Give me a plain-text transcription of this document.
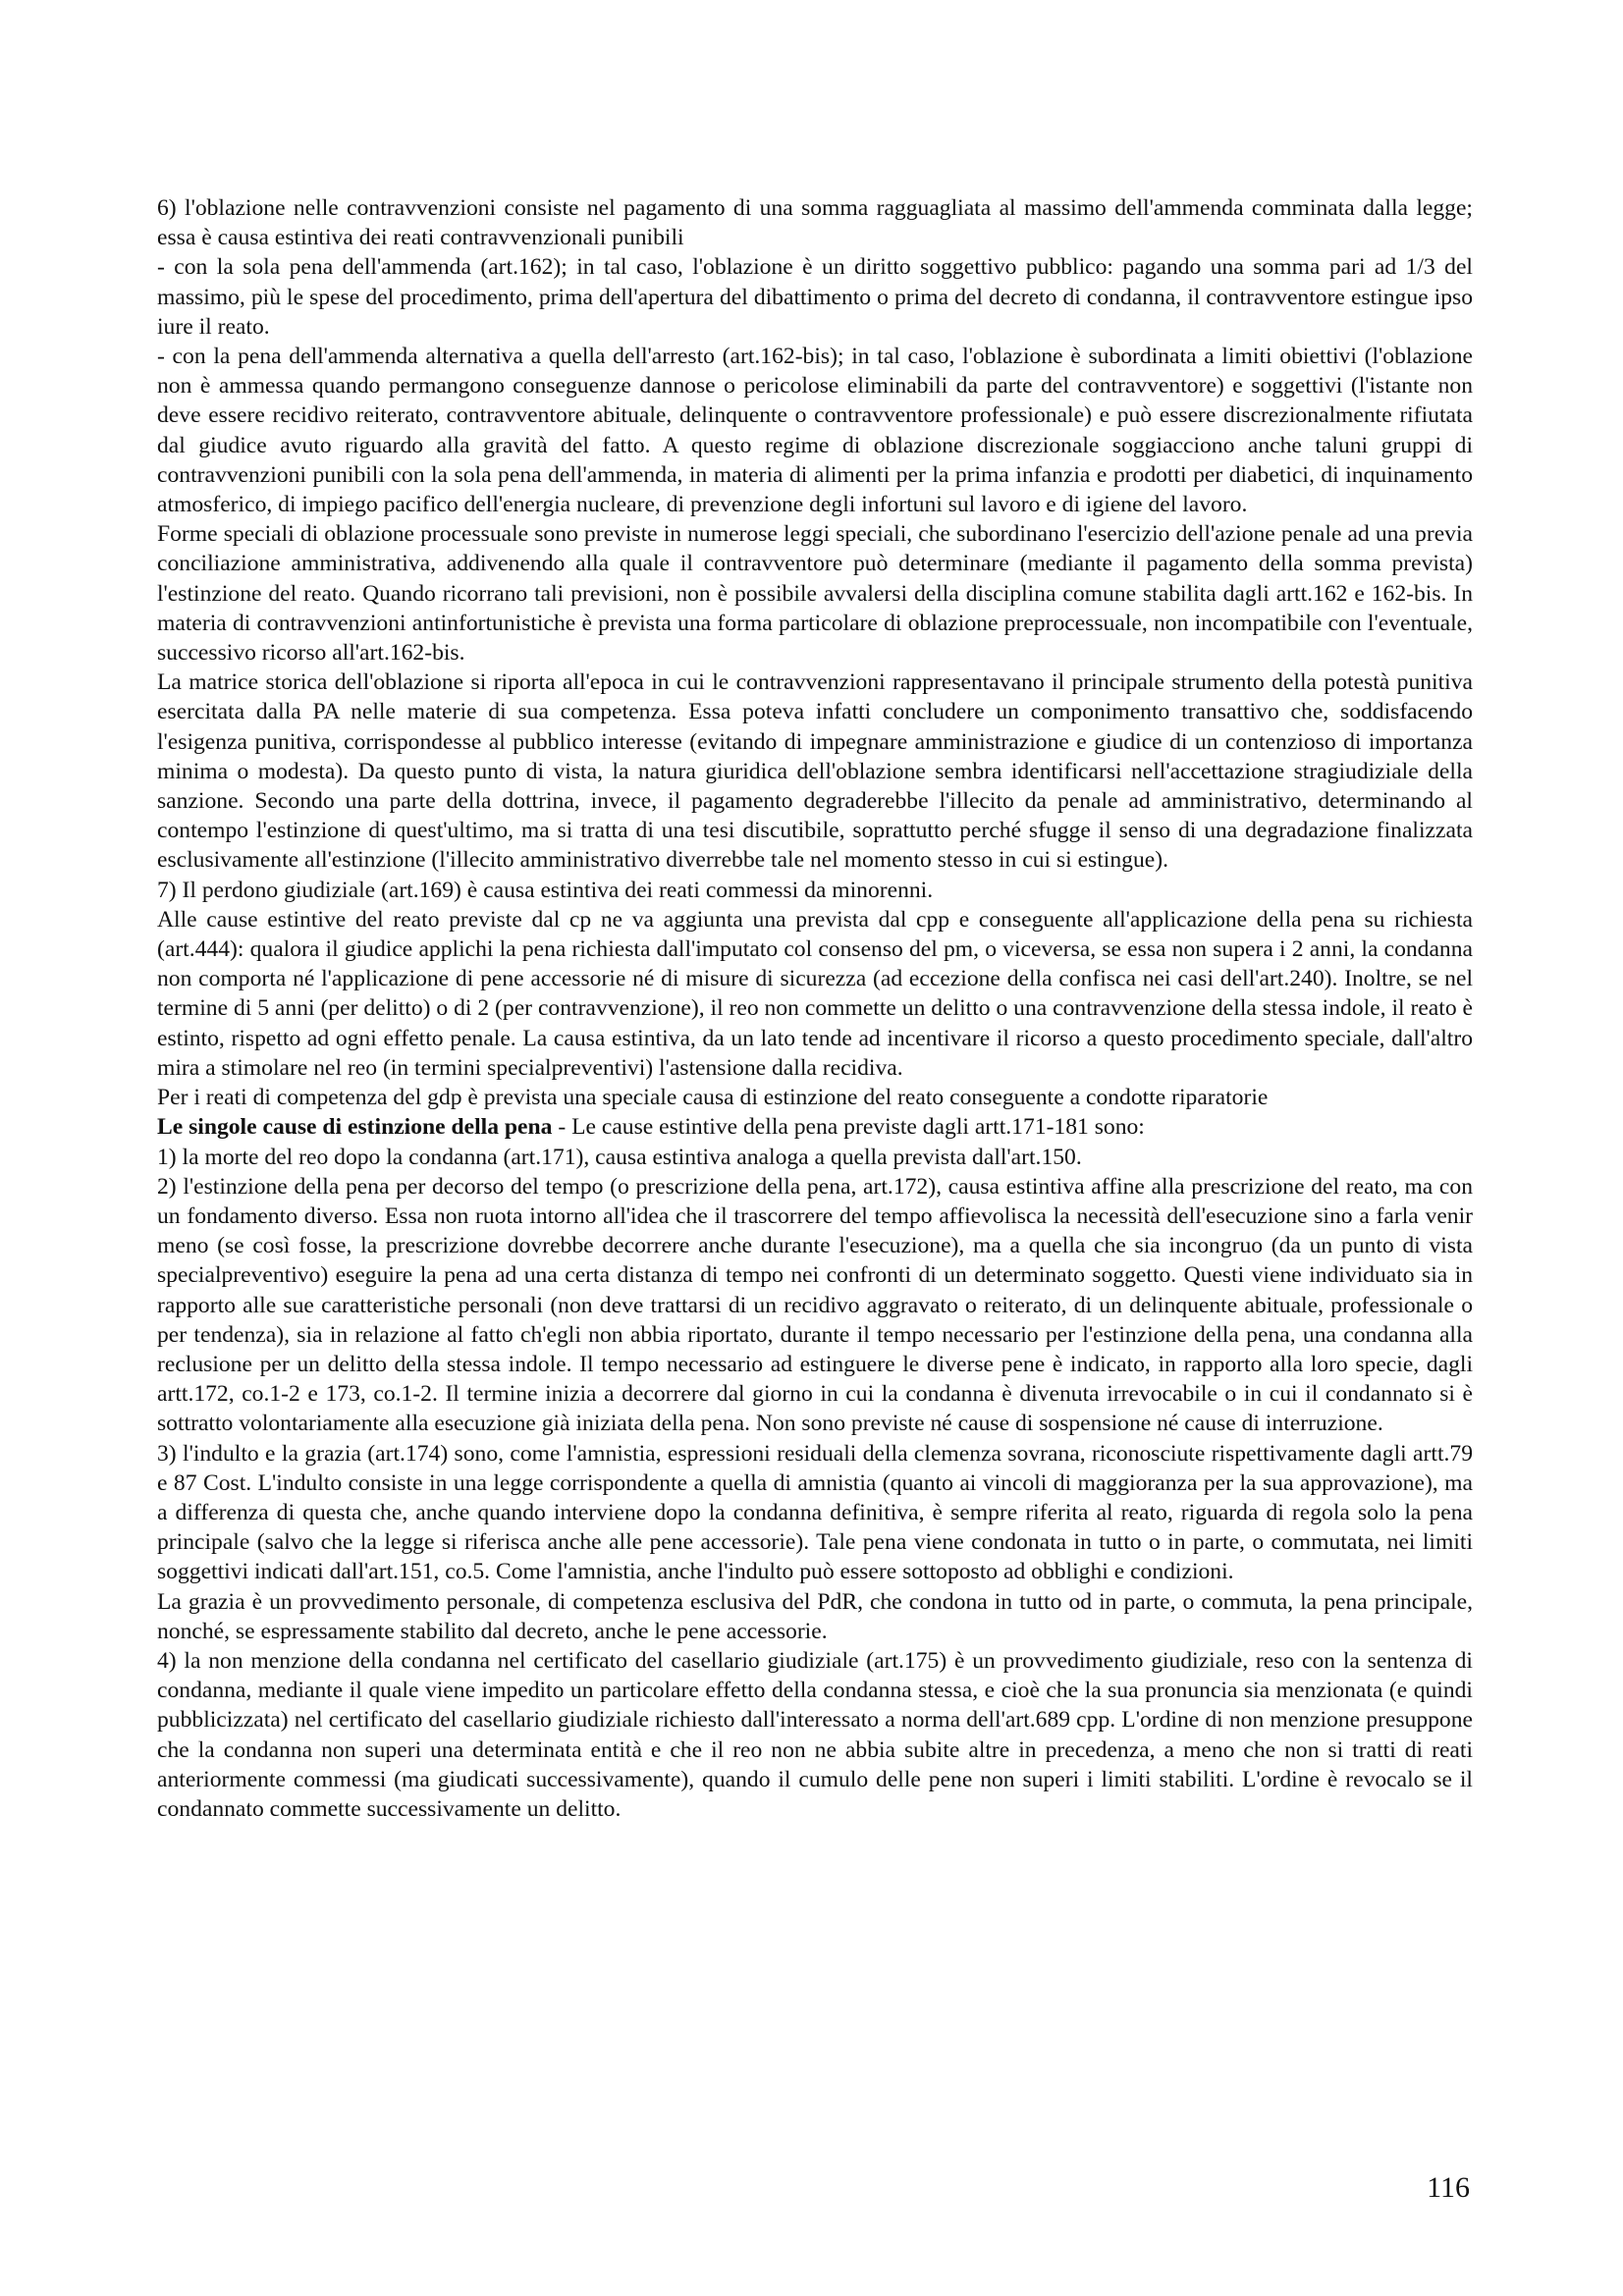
6) l'oblazione nelle contravvenzioni consiste nel pagamento di una somma ragguagliata al massimo dell'ammenda comminata dalla legge; essa è causa estintiva dei reati contravvenzionali punibili

- con la sola pena dell'ammenda (art.162); in tal caso, l'oblazione è un diritto soggettivo pubblico: pagando una somma pari ad 1/3 del massimo, più le spese del procedimento, prima dell'apertura del dibattimento o prima del decreto di condanna, il contravventore estingue ipso iure il reato.

- con la pena dell'ammenda alternativa a quella dell'arresto (art.162-bis); in tal caso, l'oblazione è subordinata a limiti obiettivi (l'oblazione non è ammessa quando permangono conseguenze dannose o pericolose eliminabili da parte del contravventore) e soggettivi (l'istante non deve essere recidivo reiterato, contravventore abituale, delinquente o contravventore professionale) e può essere discrezionalmente rifiutata dal giudice avuto riguardo alla gravità del fatto. A questo regime di oblazione discrezionale soggiacciono anche taluni gruppi di contravvenzioni punibili con la sola pena dell'ammenda, in materia di alimenti per la prima infanzia e prodotti per diabetici, di inquinamento atmosferico, di impiego pacifico dell'energia nucleare, di prevenzione degli infortuni sul lavoro e di igiene del lavoro.

Forme speciali di oblazione processuale sono previste in numerose leggi speciali, che subordinano l'esercizio dell'azione penale ad una previa conciliazione amministrativa, addivenendo alla quale il contravventore può determinare (mediante il pagamento della somma prevista) l'estinzione del reato. Quando ricorrano tali previsioni, non è possibile avvalersi della disciplina comune stabilita dagli artt.162 e 162-bis. In materia di contravvenzioni antinfortunistiche è prevista una forma particolare di oblazione preprocessuale, non incompatibile con l'eventuale, successivo ricorso all'art.162-bis.

La matrice storica dell'oblazione si riporta all'epoca in cui le contravvenzioni rappresentavano il principale strumento della potestà punitiva esercitata dalla PA nelle materie di sua competenza. Essa poteva infatti concludere un componimento transattivo che, soddisfacendo l'esigenza punitiva, corrispondesse al pubblico interesse (evitando di impegnare amministrazione e giudice di un contenzioso di importanza minima o modesta). Da questo punto di vista, la natura giuridica dell'oblazione sembra identificarsi nell'accettazione stragiudiziale della sanzione. Secondo una parte della dottrina, invece, il pagamento degraderebbe l'illecito da penale ad amministrativo, determinando al contempo l'estinzione di quest'ultimo, ma si tratta di una tesi discutibile, soprattutto perché sfugge il senso di una degradazione finalizzata esclusivamente all'estinzione (l'illecito amministrativo diverrebbe tale nel momento stesso in cui si estingue).

7) Il perdono giudiziale (art.169) è causa estintiva dei reati commessi da minorenni.

Alle cause estintive del reato previste dal cp ne va aggiunta una prevista dal cpp e conseguente all'applicazione della pena su richiesta (art.444): qualora il giudice applichi la pena richiesta dall'imputato col consenso del pm, o viceversa, se essa non supera i 2 anni, la condanna non comporta né l'applicazione di pene accessorie né di misure di sicurezza (ad eccezione della confisca nei casi dell'art.240). Inoltre, se nel termine di 5 anni (per delitto) o di 2 (per contravvenzione), il reo non commette un delitto o una contravvenzione della stessa indole, il reato è estinto, rispetto ad ogni effetto penale. La causa estintiva, da un lato tende ad incentivare il ricorso a questo procedimento speciale, dall'altro mira a stimolare nel reo (in termini specialpreventivi) l'astensione dalla recidiva.

Per i reati di competenza del gdp è prevista una speciale causa di estinzione del reato conseguente a condotte riparatorie

Le singole cause di estinzione della pena - Le cause estintive della pena previste dagli artt.171-181 sono:

1) la morte del reo dopo la condanna (art.171), causa estintiva analoga a quella prevista dall'art.150.

2) l'estinzione della pena per decorso del tempo (o prescrizione della pena, art.172), causa estintiva affine alla prescrizione del reato, ma con un fondamento diverso. Essa non ruota intorno all'idea che il trascorrere del tempo affievolisca la necessità dell'esecuzione sino a farla venir meno (se così fosse, la prescrizione dovrebbe decorrere anche durante l'esecuzione), ma a quella che sia incongruo (da un punto di vista specialpreventivo) eseguire la pena ad una certa distanza di tempo nei confronti di un determinato soggetto. Questi viene individuato sia in rapporto alle sue caratteristiche personali (non deve trattarsi di un recidivo aggravato o reiterato, di un delinquente abituale, professionale o per tendenza), sia in relazione al fatto ch'egli non abbia riportato, durante il tempo necessario per l'estinzione della pena, una condanna alla reclusione per un delitto della stessa indole. Il tempo necessario ad estinguere le diverse pene è indicato, in rapporto alla loro specie, dagli artt.172, co.1-2 e 173, co.1-2. Il termine inizia a decorrere dal giorno in cui la condanna è divenuta irrevocabile o in cui il condannato si è sottratto volontariamente alla esecuzione già iniziata della pena. Non sono previste né cause di sospensione né cause di interruzione.

3) l'indulto e la grazia (art.174) sono, come l'amnistia, espressioni residuali della clemenza sovrana, riconosciute rispettivamente dagli artt.79 e 87 Cost. L'indulto consiste in una legge corrispondente a quella di amnistia (quanto ai vincoli di maggioranza per la sua approvazione), ma a differenza di questa che, anche quando interviene dopo la condanna definitiva, è sempre riferita al reato, riguarda di regola solo la pena principale (salvo che la legge si riferisca anche alle pene accessorie). Tale pena viene condonata in tutto o in parte, o commutata, nei limiti soggettivi indicati dall'art.151, co.5. Come l'amnistia, anche l'indulto può essere sottoposto ad obblighi e condizioni.

La grazia è un provvedimento personale, di competenza esclusiva del PdR, che condona in tutto od in parte, o commuta, la pena principale, nonché, se espressamente stabilito dal decreto, anche le pene accessorie.

4) la non menzione della condanna nel certificato del casellario giudiziale (art.175) è un provvedimento giudiziale, reso con la sentenza di condanna, mediante il quale viene impedito un particolare effetto della condanna stessa, e cioè che la sua pronuncia sia menzionata (e quindi pubblicizzata) nel certificato del casellario giudiziale richiesto dall'interessato a norma dell'art.689 cpp. L'ordine di non menzione presuppone che la condanna non superi una determinata entità e che il reo non ne abbia subite altre in precedenza, a meno che non si tratti di reati anteriormente commessi (ma giudicati successivamente), quando il cumulo delle pene non superi i limiti stabiliti. L'ordine è revocalo se il condannato commette successivamente un delitto.

116
